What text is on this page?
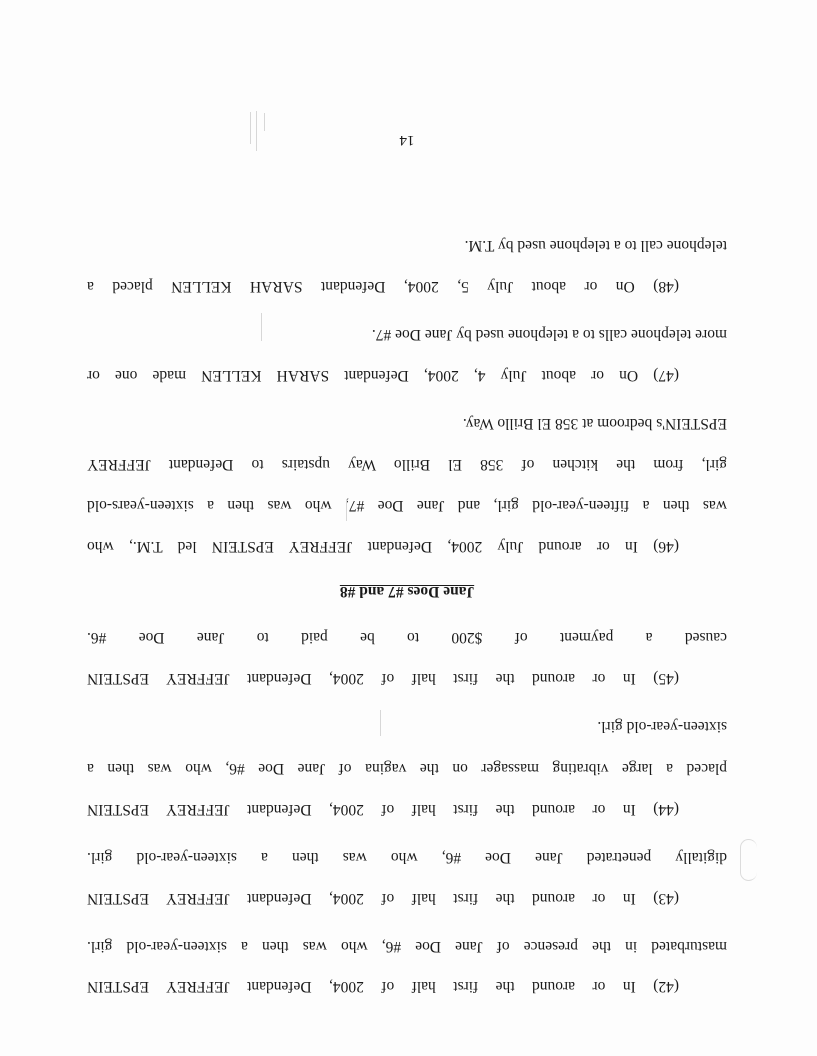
(42) In or around the first half of 2004, Defendant JEFFREY EPSTEIN
masturbated in the presence of Jane Doe #6, who was then a sixteen-year-old girl.
(43) In or around the first half of 2004, Defendant JEFFREY EPSTEIN
digitally penetrated Jane Doe #6, who was then a sixteen-year-old girl.
(44) In or around the first half of 2004, Defendant JEFFREY EPSTEIN
placed a large vibrating massager on the vagina of Jane Doe #6, who was then a
sixteen-year-old girl.
(45) In or around the first half of 2004, Defendant JEFFREY EPSTEIN
caused a payment of $200 to be paid to Jane Doe #6.
Jane Does #7 and #8
(46) In or around July 2004, Defendant JEFFREY EPSTEIN led T.M., who
was then a fifteen-year-old girl, and Jane Doe #7, who was then a sixteen-years-old
girl, from the kitchen of 358 El Brillo Way upstairs to Defendant JEFFREY
EPSTEIN's bedroom at 358 El Brillo Way.
(47) On or about July 4, 2004, Defendant SARAH KELLEN made one or
more telephone calls to a telephone used by Jane Doe #7.
(48) On or about July 5, 2004, Defendant SARAH KELLEN placed a
telephone call to a telephone used by T.M.
14
